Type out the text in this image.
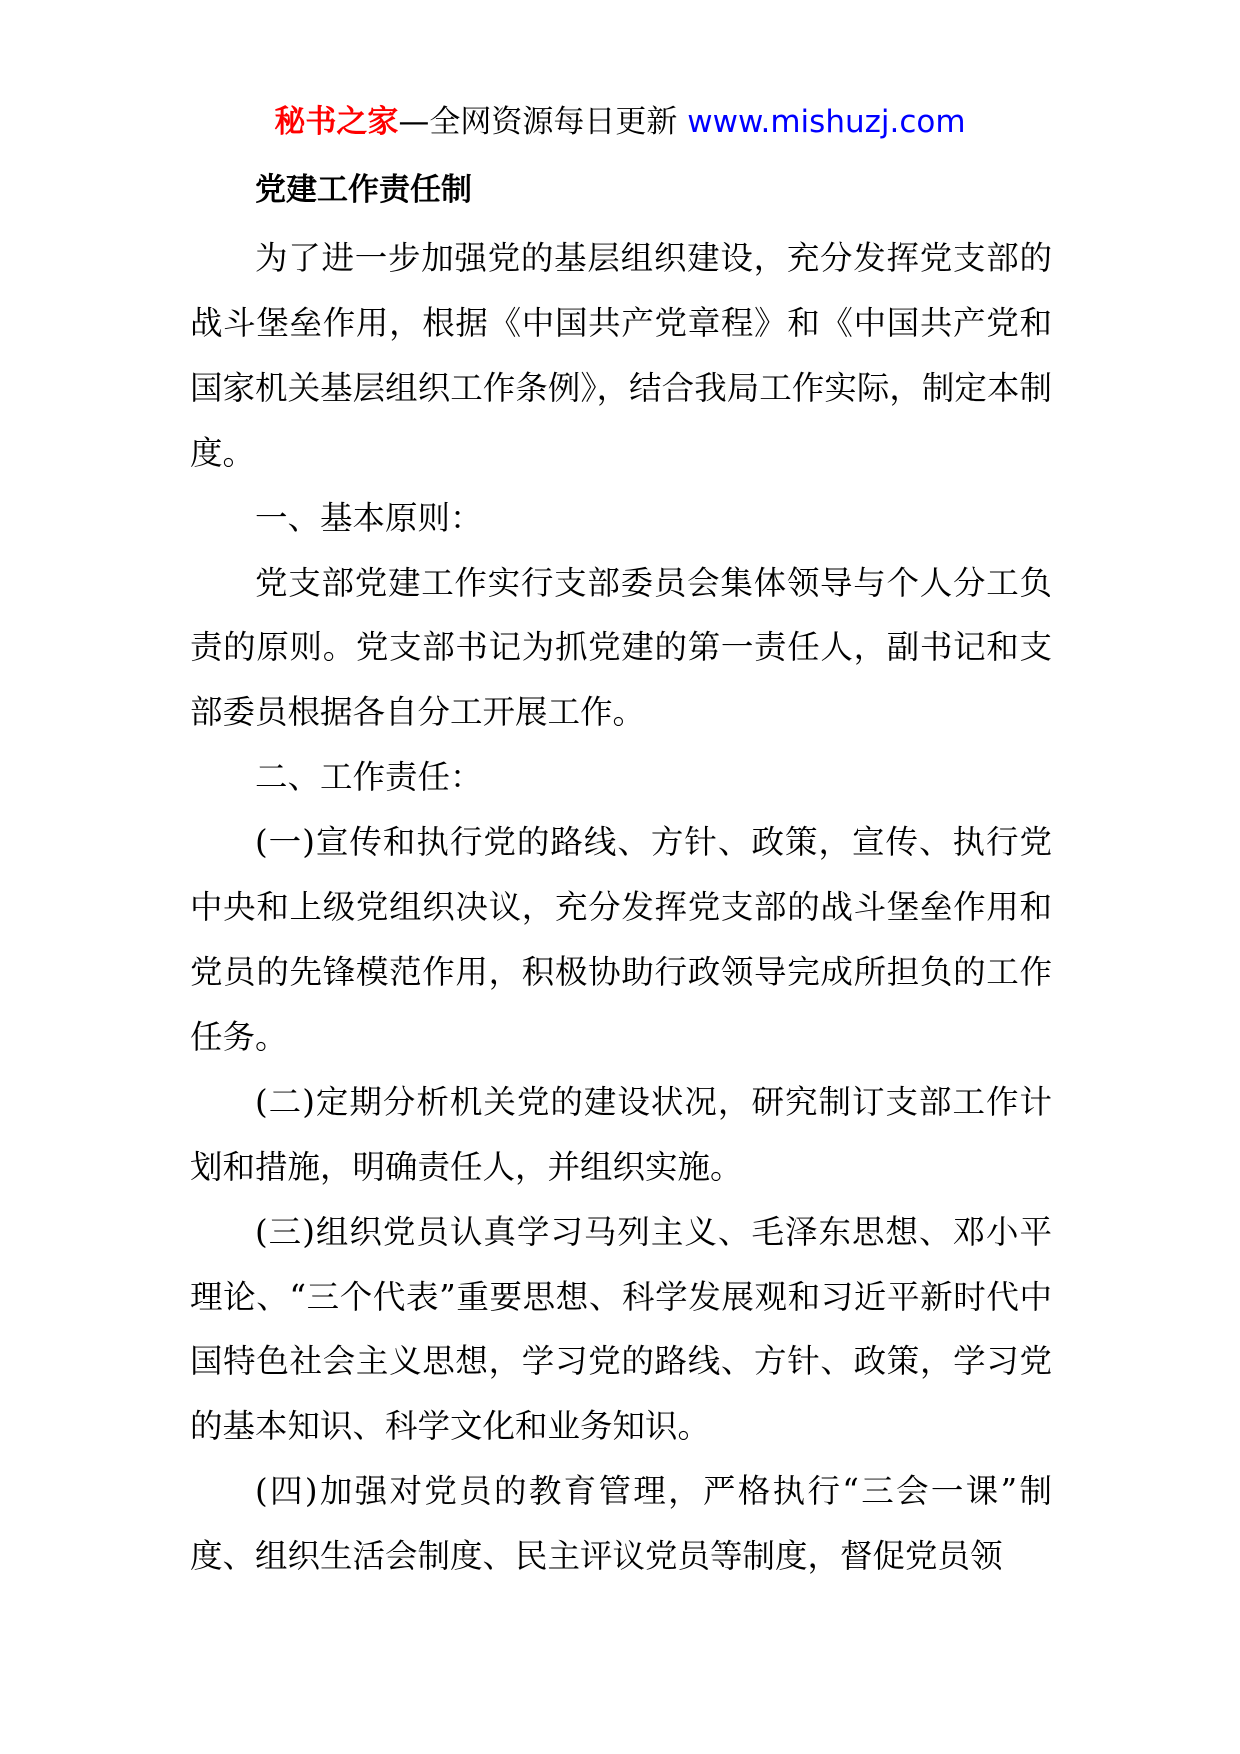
秘书之家—全网资源每日更新 www.mishuzj.com
党建工作责任制

为了进一步加强党的基层组织建设，充分发挥党支部的战斗堡垒作用，根据《中国共产党章程》和《中国共产党和国家机关基层组织工作条例》，结合我局工作实际，制定本制度。

一、基本原则：

党支部党建工作实行支部委员会集体领导与个人分工负责的原则。党支部书记为抓党建的第一责任人，副书记和支部委员根据各自分工开展工作。

二、工作责任：

(一)宣传和执行党的路线、方针、政策，宣传、执行党中央和上级党组织决议，充分发挥党支部的战斗堡垒作用和党员的先锋模范作用，积极协助行政领导完成所担负的工作任务。

(二)定期分析机关党的建设状况，研究制订支部工作计划和措施，明确责任人，并组织实施。

(三)组织党员认真学习马列主义、毛泽东思想、邓小平理论、“三个代表”重要思想、科学发展观和习近平新时代中国特色社会主义思想，学习党的路线、方针、政策，学习党的基本知识、科学文化和业务知识。

(四)加强对党员的教育管理，严格执行“三会一课”制度、组织生活会制度、民主评议党员等制度，督促党员领
